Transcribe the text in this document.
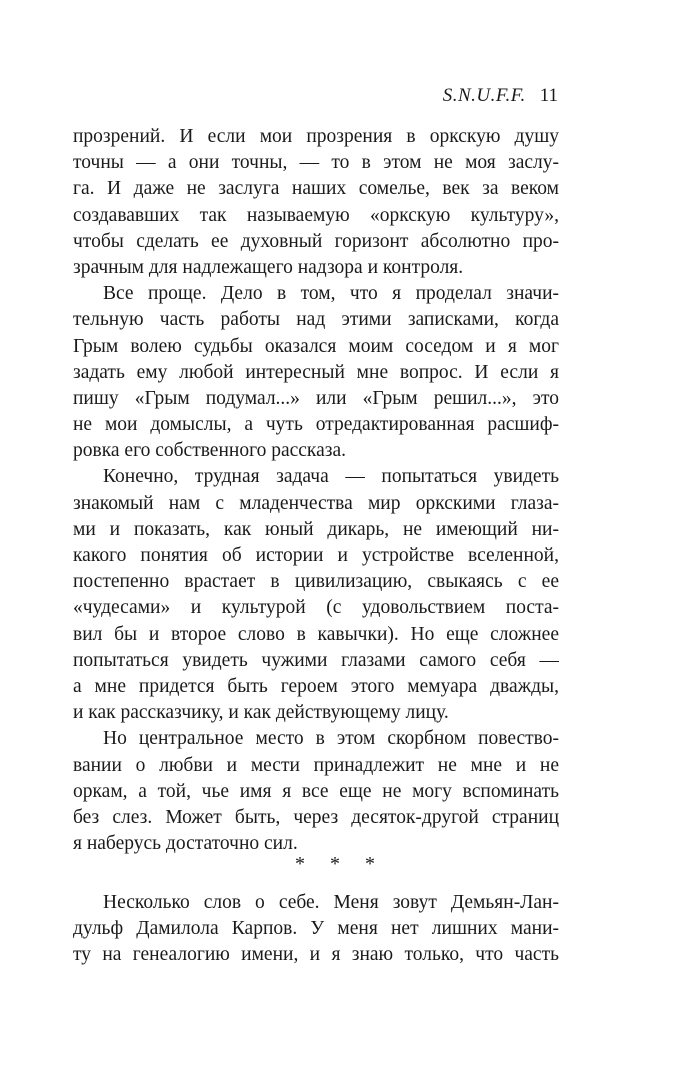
S.N.U.F.F. 11
прозрений. И если мои прозрения в оркскую душу
точны — а они точны, — то в этом не моя заслу-
га. И даже не заслуга наших сомелье, век за веком
создававших так называемую «оркскую культуру»,
чтобы сделать ее духовный горизонт абсолютно про-
зрачным для надлежащего надзора и контроля.
Все проще. Дело в том, что я проделал значи-
тельную часть работы над этими записками, когда
Грым волею судьбы оказался моим соседом и я мог
задать ему любой интересный мне вопрос. И если я
пишу «Грым подумал...» или «Грым решил...», это
не мои домыслы, а чуть отредактированная расшиф-
ровка его собственного рассказа.
Конечно, трудная задача — попытаться увидеть
знакомый нам с младенчества мир оркскими глаза-
ми и показать, как юный дикарь, не имеющий ни-
какого понятия об истории и устройстве вселенной,
постепенно врастает в цивилизацию, свыкаясь с ее
«чудесами» и культурой (с удовольствием поста-
вил бы и второе слово в кавычки). Но еще сложнее
попытаться увидеть чужими глазами самого себя —
а мне придется быть героем этого мемуара дважды,
и как рассказчику, и как действующему лицу.
Но центральное место в этом скорбном повество-
вании о любви и мести принадлежит не мне и не
оркам, а той, чье имя я все еще не могу вспоминать
без слез. Может быть, через десяток-другой страниц
я наберусь достаточно сил.
* * *
Несколько слов о себе. Меня зовут Демьян-Лан-
дульф Дамилола Карпов. У меня нет лишних мани-
ту на генеалогию имени, и я знаю только, что часть
